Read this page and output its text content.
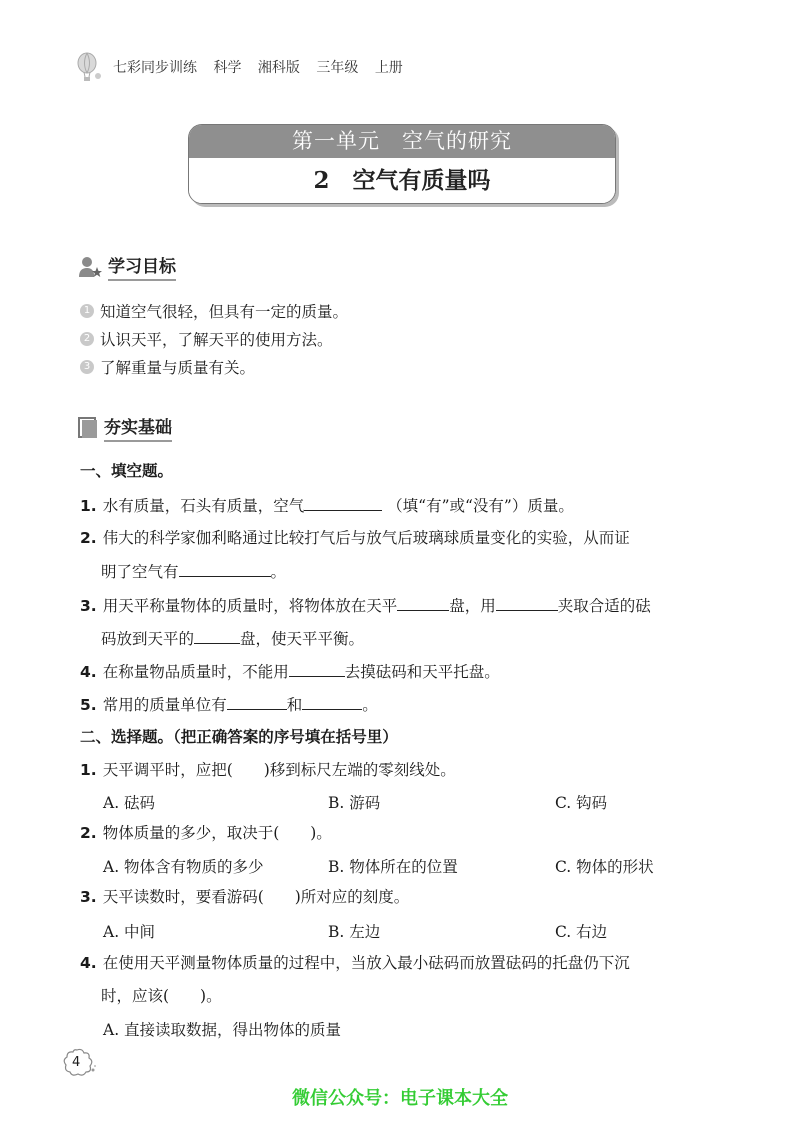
七彩同步训练 科学 湘科版 三年级 上册
第一单元　空气的研究
2　空气有质量吗
学习目标
1 知道空气很轻，但具有一定的质量。
2 认识天平，了解天平的使用方法。
3 了解重量与质量有关。
夯实基础
一、填空题。
1. 水有质量，石头有质量，空气	（填“有”或“没有”）质量。
2. 伟大的科学家伽利略通过比较打气后与放气后玻璃球质量变化的实验，从而证
明了空气有	。
3. 用天平称量物体的质量时，将物体放在天平	盘，用	夹取合适的砝
码放到天平的	盘，使天平平衡。
4. 在称量物品质量时，不能用	去摸砝码和天平托盘。
5. 常用的质量单位有	和	。
二、选择题。（把正确答案的序号填在括号里）
1. 天平调平时，应把(　　)移到标尺左端的零刻线处。
A. 砝码	B. 游码	C. 钩码
2. 物体质量的多少，取决于(　　)。
A. 物体含有物质的多少	B. 物体所在的位置	C. 物体的形状
3. 天平读数时，要看游码(　　)所对应的刻度。
A. 中间	B. 左边	C. 右边
4. 在使用天平测量物体质量的过程中，当放入最小砝码而放置砝码的托盘仍下沉
时，应该(　　)。
A. 直接读取数据，得出物体的质量
4
微信公众号：电子课本大全
